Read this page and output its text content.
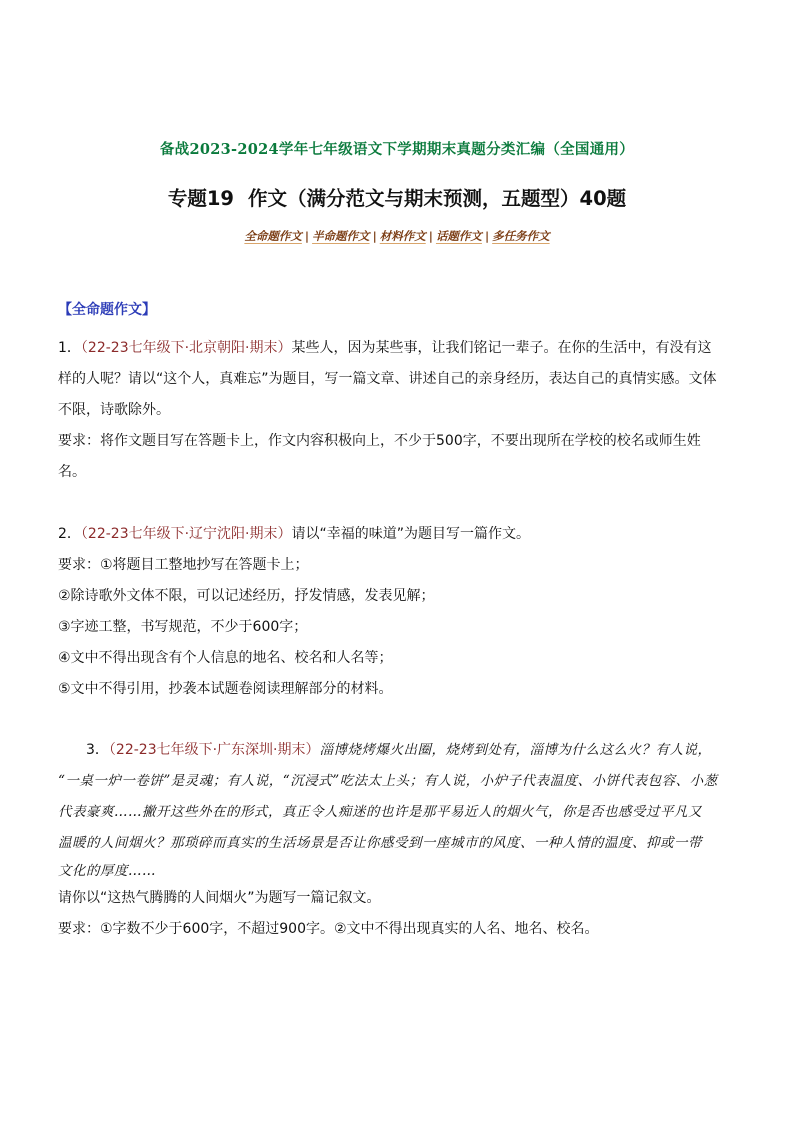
备战2023-2024学年七年级语文下学期期末真题分类汇编（全国通用）
专题19 作文（满分范文与期末预测，五题型）40题
全命题作文 | 半命题作文 | 材料作文 | 话题作文 | 多任务作文
【全命题作文】

1．（22-23七年级下·北京朝阳·期末）某些人，因为某些事，让我们铭记一辈子。在你的生活中，有没有这

样的人呢？请以“这个人，真难忘”为题目，写一篇文章、讲述自己的亲身经历，表达自己的真情实感。文体

不限，诗歌除外。

要求：将作文题目写在答题卡上，作文内容积极向上，不少于500字，不要出现所在学校的校名或师生姓

名。

2．（22-23七年级下·辽宁沈阳·期末）请以“幸福的味道”为题目写一篇作文。

要求：①将题目工整地抄写在答题卡上；

②除诗歌外文体不限，可以记述经历，抒发情感，发表见解；

③字迹工整，书写规范，不少于600字；

④文中不得出现含有个人信息的地名、校名和人名等；

⑤文中不得引用，抄袭本试题卷阅读理解部分的材料。

3．（22-23七年级下·广东深圳·期末）淄博烧烤爆火出圈，烧烤到处有，淄博为什么这么火？有人说，

“一桌一炉一卷饼”是灵魂；有人说，“沉浸式”吃法太上头；有人说，小炉子代表温度、小饼代表包容、小葱

代表豪爽……撇开这些外在的形式，真正令人痴迷的也许是那平易近人的烟火气，你是否也感受过平凡又

温暖的人间烟火？那琐碎而真实的生活场景是否让你感受到一座城市的风度、一种人情的温度、抑或一带

文化的厚度……

请你以“这热气腾腾的人间烟火”为题写一篇记叙文。

要求：①字数不少于600字，不超过900字。②文中不得出现真实的人名、地名、校名。
